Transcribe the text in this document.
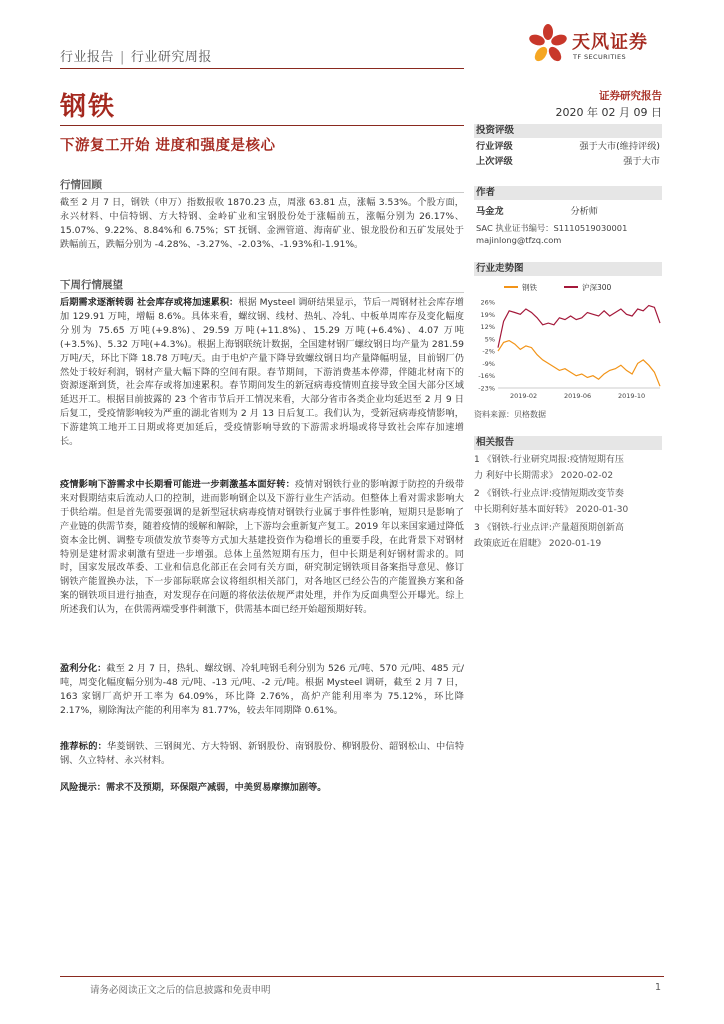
行业报告 | 行业研究周报
天风证券
TF SECURITIES
钢铁	证券研究报告
2020 年 02 月 09 日
下游复工开始 进度和强度是核心
行情回顾
截至 2 月 7 日，钢铁（申万）指数报收 1870.23 点，周涨 63.81 点，涨幅 3.53%。个股方面，永兴材料、中信特钢、方大特钢、金岭矿业和宝钢股份处于涨幅前五，涨幅分别为 26.17%、15.07%、9.22%、8.84%和 6.75%；ST 抚钢、金洲管道、海南矿业、银龙股份和五矿发展处于跌幅前五，跌幅分别为 -4.28%、-3.27%、-2.03%、-1.93%和-1.91%。
下周行情展望
后期需求逐渐转弱 社会库存或将加速累积：根据 Mysteel 调研结果显示，节后一周钢材社会库存增加 129.91 万吨，增幅 8.6%。具体来看，螺纹钢、线材、热轧、冷轧、中板单周库存及变化幅度分别为 75.65 万吨(+9.8%)、29.59 万吨(+11.8%)、15.29 万吨(+6.4%)、4.07 万吨(+3.5%)、5.32 万吨(+4.3%)。根据上海钢联统计数据，全国建材钢厂螺纹钢日均产量为 281.59 万吨/天，环比下降 18.78 万吨/天。由于电炉产量下降导致螺纹钢日均产量降幅明显，目前钢厂仍然处于较好利润，钢材产量大幅下降的空间有限。春节期间，下游消费基本停滞，伴随北材南下的资源逐渐到货，社会库存或将加速累积。春节期间发生的新冠病毒疫情则直接导致全国大部分区域延迟开工。根据目前披露的 23 个省市节后开工情况来看，大部分省市各类企业均延迟至 2 月 9 日后复工，受疫情影响较为严重的湖北省则为 2 月 13 日后复工。我们认为，受新冠病毒疫情影响，下游建筑工地开工日期或将更加延后，受疫情影响导致的下游需求坍塌或将导致社会库存加速增长。
疫情影响下游需求中长期看可能进一步刺激基本面好转：疫情对钢铁行业的影响源于防控的升级带来对假期结束后流动人口的控制，进而影响钢企以及下游行业生产活动。但整体上看对需求影响大于供给端。但是首先需要强调的是新型冠状病毒疫情对钢铁行业属于事件性影响，短期只是影响了产业链的供需节奏，随着疫情的缓解和解除，上下游均会重新复产复工。2019 年以来国家通过降低资本金比例、调整专项债发放节奏等方式加大基建投资作为稳增长的重要手段，在此背景下对钢材特别是建材需求刺激有望进一步增强。总体上虽然短期有压力，但中长期是利好钢材需求的。同时，国家发展改革委、工业和信息化部正在会同有关方面，研究制定钢铁项目备案指导意见、修订钢铁产能置换办法，下一步部际联席会议将组织相关部门，对各地区已经公告的产能置换方案和备案的钢铁项目进行抽查，对发现存在问题的将依法依规严肃处理，并作为反面典型公开曝光。综上所述我们认为，在供需两端受事件刺激下，供需基本面已经开始超预期好转。
盈利分化：截至 2 月 7 日，热轧、螺纹钢、冷轧吨钢毛利分别为 526 元/吨、570 元/吨、485 元/吨，周变化幅度幅分别为-48 元/吨、-13 元/吨、-2 元/吨。根据 Mysteel 调研，截至 2 月 7 日，163 家钢厂高炉开工率为 64.09%，环比降 2.76%，高炉产能利用率为 75.12%，环比降 2.17%，剔除淘汰产能的利用率为 81.77%，较去年同期降 0.61%。
推荐标的：华菱钢铁、三钢闽光、方大特钢、新钢股份、南钢股份、柳钢股份、韶钢松山、中信特钢、久立特材、永兴材料。
风险提示：需求不及预期，环保限产减弱，中美贸易摩擦加剧等。
投资评级
行业评级	强于大市(维持评级)
上次评级	强于大市
作者
马金龙	分析师
SAC 执业证书编号：S1110519030001
majinlong@tfzq.com
行业走势图
钢铁	沪深300
26%
19%
12%
5%
-2%
-9%
-16%
-23%
2019-02	2019-06	2019-10
资料来源：贝格数据
相关报告
1 《钢铁-行业研究周报:疫情短期有压
力 利好中长期需求》 2020-02-02
2 《钢铁-行业点评:疫情短期改变节奏
中长期利好基本面好转》 2020-01-30
3 《钢铁-行业点评:产量超预期创新高
政策底近在眉睫》 2020-01-19
请务必阅读正文之后的信息披露和免责申明	1
